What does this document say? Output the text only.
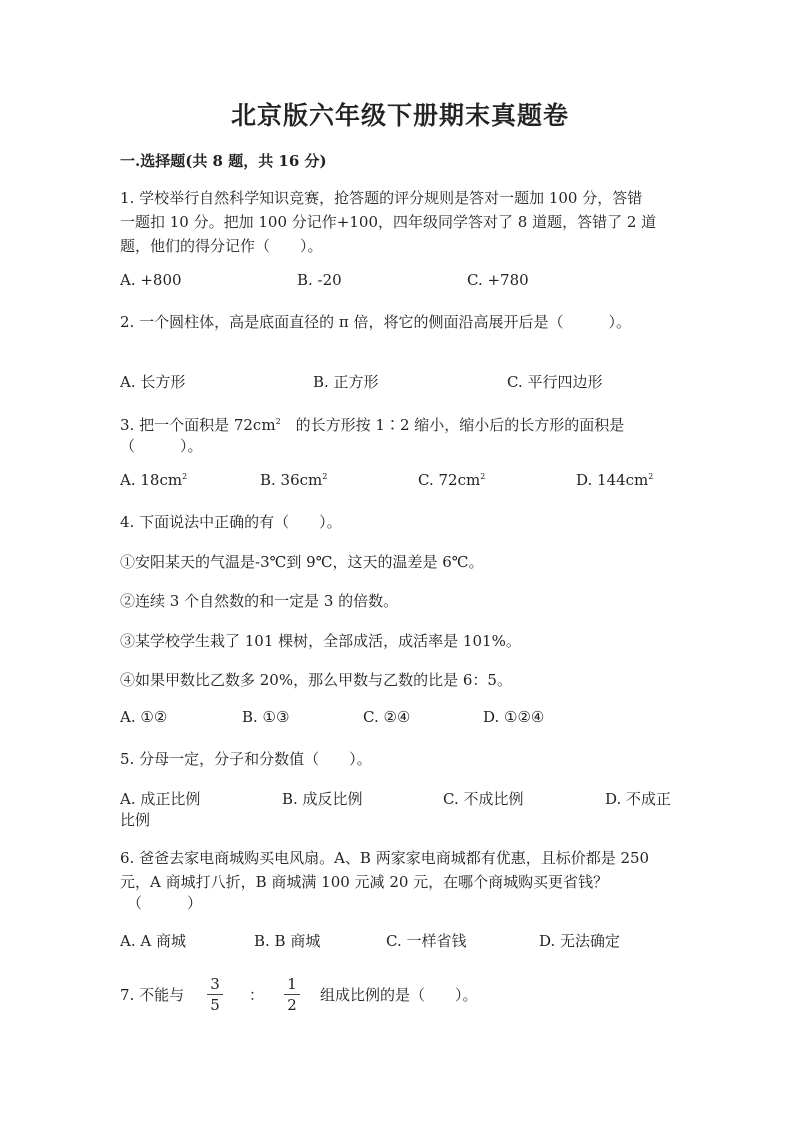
北京版六年级下册期末真题卷
一.选择题(共 8 题，共 16 分)
1. 学校举行自然科学知识竞赛，抢答题的评分规则是答对一题加 100 分，答错
一题扣 10 分。把加 100 分记作+100，四年级同学答对了 8 道题，答错了 2 道
题，他们的得分记作（　　）。
A. +800	B. -20	C. +780
2. 一个圆柱体，高是底面直径的 π 倍，将它的侧面沿高展开后是（　　　）。
A. 长方形	B. 正方形	C. 平行四边形
3. 把一个面积是 $72cm^2$　的长方形按 1∶2 缩小，缩小后的长方形的面积是
（　　　）。
A. $18cm^2$	B. $36cm^2$	C. $72cm^2$	D. $144cm^2$
4. 下面说法中正确的有（　　）。
①安阳某天的气温是-3℃到 9℃，这天的温差是 6℃。
②连续 3 个自然数的和一定是 3 的倍数。
③某学校学生栽了 101 棵树，全部成活，成活率是 101%。
④如果甲数比乙数多 20%，那么甲数与乙数的比是 6：5。
A. ①②	B. ①③	C. ②④	D. ①②④
5. 分母一定，分子和分数值（　　）。
A. 成正比例	B. 成反比例	C. 不成比例	D. 不成正
比例
6. 爸爸去家电商城购买电风扇。A、B 两家家电商城都有优惠，且标价都是 250
元，A 商城打八折，B 商城满 100 元减 20 元，在哪个商城购买更省钱？
（　　　）
A. A 商城	B. B 商城	C. 一样省钱	D. 无法确定
7. 不能与
3
5
：
1
2
组成比例的是（　　）。
